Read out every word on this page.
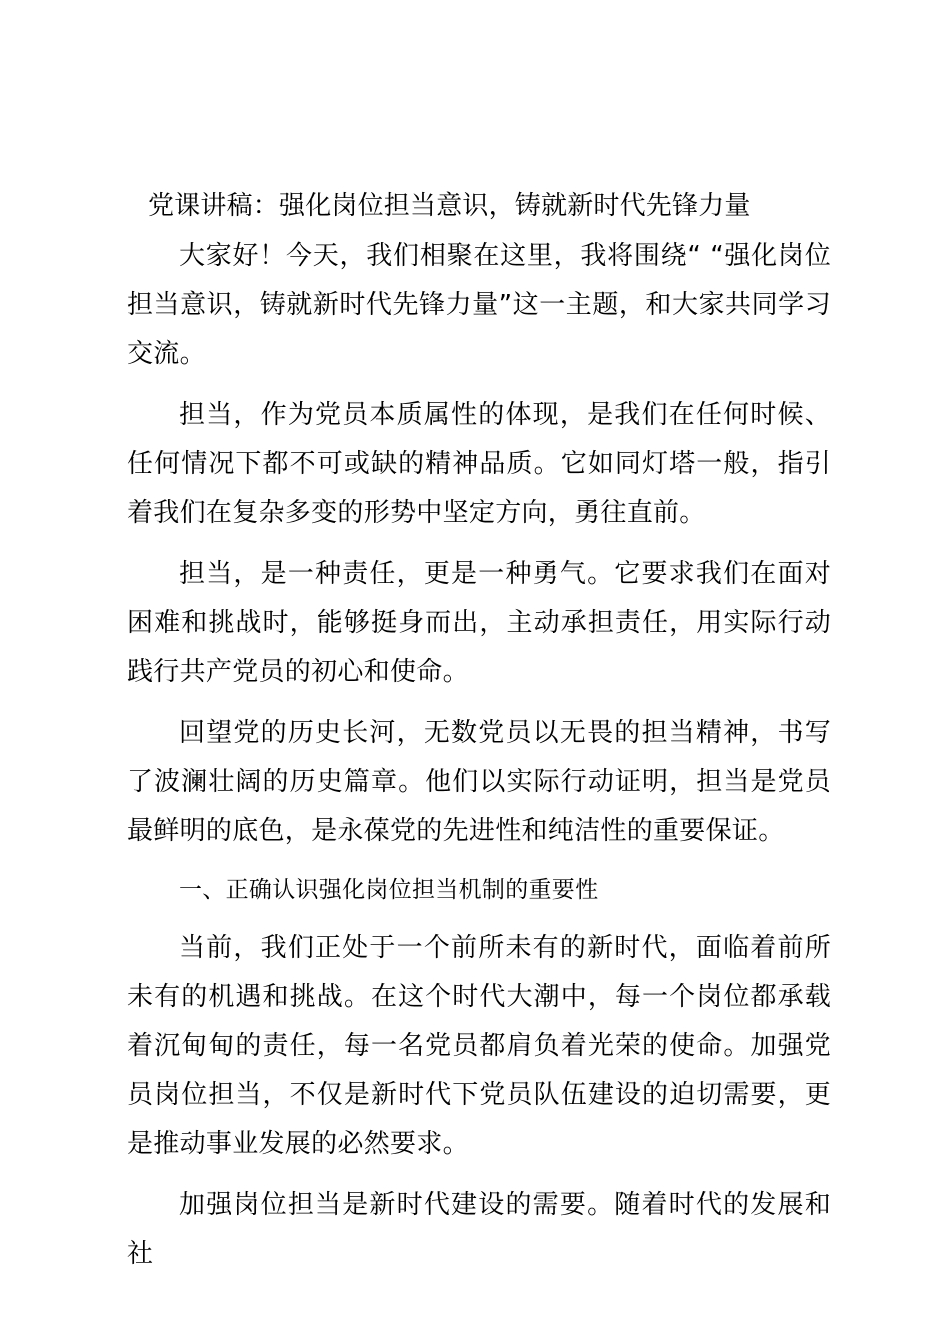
党课讲稿：强化岗位担当意识，铸就新时代先锋力量

大家好！今天，我们相聚在这里，我将围绕“ “强化岗位担当意识，铸就新时代先锋力量”这一主题，和大家共同学习交流。

担当，作为党员本质属性的体现，是我们在任何时候、任何情况下都不可或缺的精神品质。它如同灯塔一般，指引着我们在复杂多变的形势中坚定方向，勇往直前。

担当，是一种责任，更是一种勇气。它要求我们在面对困难和挑战时，能够挺身而出，主动承担责任，用实际行动践行共产党员的初心和使命。

回望党的历史长河，无数党员以无畏的担当精神，书写了波澜壮阔的历史篇章。他们以实际行动证明，担当是党员最鲜明的底色，是永葆党的先进性和纯洁性的重要保证。

一、正确认识强化岗位担当机制的重要性

当前，我们正处于一个前所未有的新时代，面临着前所未有的机遇和挑战。在这个时代大潮中，每一个岗位都承载着沉甸甸的责任，每一名党员都肩负着光荣的使命。加强党员岗位担当，不仅是新时代下党员队伍建设的迫切需要，更是推动事业发展的必然要求。

加强岗位担当是新时代建设的需要。随着时代的发展和社
